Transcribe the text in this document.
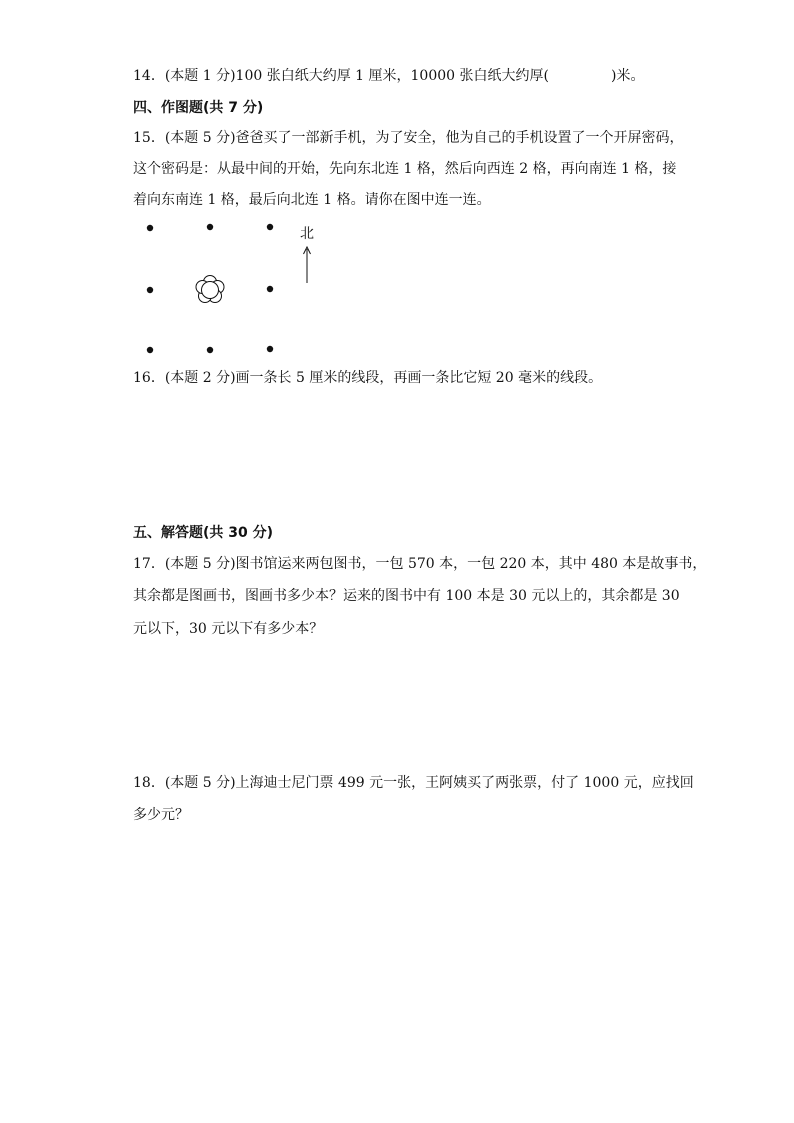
14．(本题 1 分)100 张白纸大约厚 1 厘米，10000 张白纸大约厚(	)米。

四、作图题(共 7 分)

15．(本题 5 分)爸爸买了一部新手机，为了安全，他为自己的手机设置了一个开屏密码，

这个密码是：从最中间的开始，先向东北连 1 格，然后向西连 2 格，再向南连 1 格，接

着向东南连 1 格，最后向北连 1 格。请你在图中连一连。

北

16．(本题 2 分)画一条长 5 厘米的线段，再画一条比它短 20 毫米的线段。

五、解答题(共 30 分)

17．(本题 5 分)图书馆运来两包图书，一包 570 本，一包 220 本，其中 480 本是故事书，

其余都是图画书，图画书多少本？运来的图书中有 100 本是 30 元以上的，其余都是 30

元以下，30 元以下有多少本？

18．(本题 5 分)上海迪士尼门票 499 元一张，王阿姨买了两张票，付了 1000 元，应找回

多少元？
